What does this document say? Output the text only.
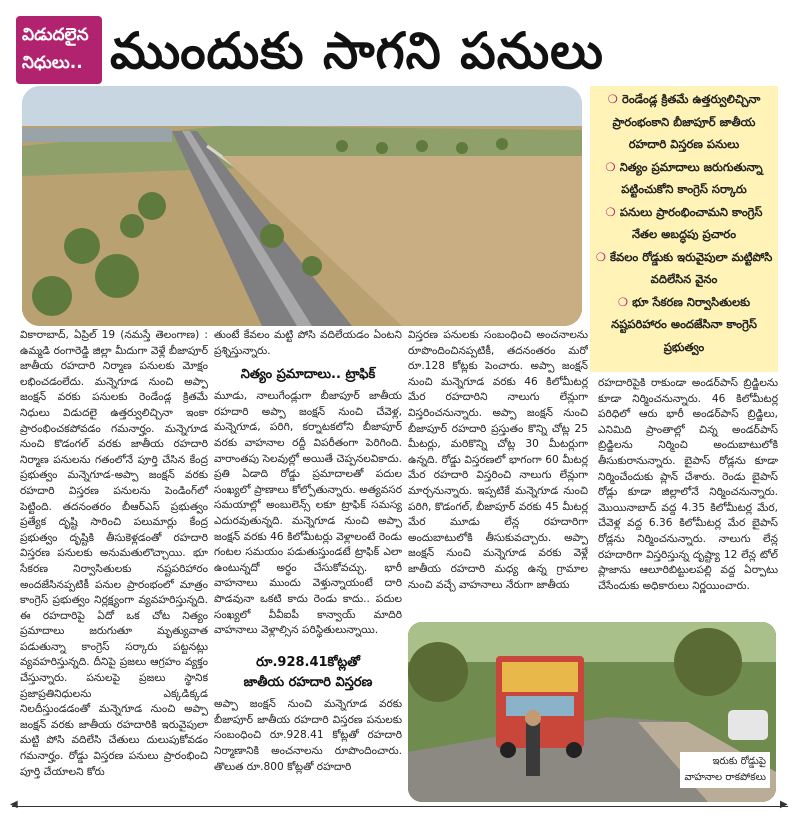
విడుదలైన
నిధులు.. ముందుకు సాగని పనులు
❍ రెండేండ్ల క్రితమే ఉత్తర్వులిచ్చినా ప్రారంభంకాని బీజాపూర్ జాతీయ రహదారి విస్తరణ పనులు
❍ నిత్యం ప్రమాదాలు జరుగుతున్నా పట్టించుకోని కాంగ్రెస్ సర్కారు
❍ పనులు ప్రారంభించామని కాంగ్రెస్ నేతల అబద్ధపు ప్రచారం
❍ కేవలం రోడ్డుకు ఇరువైపులా మట్టిపోసి వదిలేసిన వైనం
❍ భూ సేకరణ నిర్వాసితులకు నష్టపరిహారం అందజేసినా కాంగ్రెస్ ప్రభుత్వం
వికారాబాద్, ఏప్రిల్ 19 (నమస్తే తెలంగాణ) : ఉమ్మడి రంగారెడ్డి జిల్లా మీదుగా వెళ్లే బీజాపూర్ జాతీయ రహదారి నిర్మాణ పనులకు మోక్షం లభించడంలేదు. మన్నెగూడ నుంచి అప్పా జంక్షన్ వరకు పనులకు రెండేండ్ల క్రితమే నిధులు విడుదలై ఉత్తర్వులిచ్చినా ఇంకా ప్రారంభించకపోవడం గమనార్హం. మన్నెగూడ నుంచి కొడంగల్ వరకు జాతీయ రహదారి నిర్మాణ పనులను గతంలోనే పూర్తి చేసిన కేంద్ర ప్రభుత్వం మన్నెగూడ-అప్పా జంక్షన్ వరకు రహదారి విస్తరణ పనులను పెండింగ్‌లో పెట్టింది. తదనంతరం బీఆర్‌ఎస్ ప్రభుత్వం ప్రత్యేక దృష్టి సారించి పలుమార్లు కేంద్ర ప్రభుత్వం దృష్టికి తీసుకెళ్లడంతో రహదారి విస్తరణ పనులకు అనుమతులొచ్చాయి. భూ సేకరణ నిర్వాసితులకు నష్టపరిహారం అందజేసినప్పటికీ పనుల ప్రారంభంలో మాత్రం కాంగ్రెస్ ప్రభుత్వం నిర్లక్ష్యంగా వ్యవహరిస్తున్నది. ఈ రహదారిపై ఏదో ఒక చోట నిత్యం ప్రమాదాలు జరుగుతూ మృత్యువాత పడుతున్నా కాంగ్రెస్ సర్కారు పట్టనట్లు వ్యవహరిస్తున్నది. దీనిపై ప్రజలు ఆగ్రహం వ్యక్తం చేస్తున్నారు. పనులపై ప్రజలు స్థానిక ప్రజాప్రతినిధులను ఎక్కడిక్కడ నిలదీస్తుండడంతో మన్నెగూడ నుంచి అప్పా జంక్షన్ వరకు జాతీయ రహదారికి ఇరువైపులా మట్టి పోసి వదిలేసి చేతులు దులుపుకోవడం గమనార్హం. రోడ్డు విస్తరణ పనులు ప్రారంభించి పూర్తి చేయాలని కోరు
తుంటే కేవలం మట్టి పోసి వదిలేయడం ఏంటని ప్రశ్నిస్తున్నారు.
నిత్యం ప్రమాదాలు.. ట్రాఫిక్
మూడు, నాలుగేండ్లుగా బీజాపూర్ జాతీయ రహదారి అప్పా జంక్షన్ నుంచి చేవెళ్ల, మన్నెగూడ, పరిగి, కర్నాటకలోని బీజాపూర్ వరకు వాహనాల రద్దీ విపరీతంగా పెరిగింది. వారాంతపు సెలవుల్లో అయితే చెప్పనలవికాదు. ప్రతి ఏడాది రోడ్డు ప్రమాదాలతో పదుల సంఖ్యలో ప్రాణాలు కోల్పోతున్నారు. అత్యవసర సమయాల్లో అంబులెన్స్ లకూ ట్రాఫిక్ సమస్య ఎదురవుతున్నది. మన్నెగూడ నుంచి అప్పా జంక్షన్ వరకు 46 కిలోమీటర్లు వెళ్లాలంటే రెండు గంటల సమయం పడుతుస్తుండటే ట్రాఫిక్ ఎలా ఉంటున్నదో అర్థం చేసుకోవచ్చు. భారీ వాహనాలు ముందు వెళ్తున్నాయంటే దారి పొడవునా ఒకటి కాదు రెండు కాదు.. పదుల సంఖ్యలో వీవీఐపీ కాన్వాయ్ మాదిరి వాహనాలు వెళ్లాల్సిన పరిస్థితులున్నాయి.
రూ.928.41కోట్లతో
జాతీయ రహదారి విస్తరణ
అప్పా జంక్షన్ నుంచి మన్నెగూడ వరకు బీజాపూర్ జాతీయ రహదారి విస్తరణ పనులకు సంబంధించి రూ.928.41 కోట్లతో రహదారి నిర్మాణానికి అంచనాలను రూపొందించారు. తొలుత రూ.800 కోట్లతో రహదారి
విస్తరణ పనులకు సంబంధించి అంచనాలను రూపొందించినప్పటికీ, తదనంతరం మరో రూ.128 కోట్లకు పెంచారు. అప్పా జంక్షన్ నుంచి మన్నెగూడ వరకు 46 కిలోమీటర్ల మేర రహదారిని నాలుగు లేన్లుగా విస్తరించనున్నారు. అప్పా జంక్షన్ నుంచి బీజాపూర్ రహదారి ప్రస్తుతం కొన్ని చోట్ల 25 మీటర్లు, మరికొన్ని చోట్ల 30 మీటర్లుగా ఉన్నది. రోడ్డు విస్తరణలో భాగంగా 60 మీటర్ల మేర రహదారి విస్తరించి నాలుగు లేన్లుగా మార్చనున్నారు. ఇప్పటికే మన్నెగూడ నుంచి పరిగి, కొడంగల్, బీజాపూర్ వరకు 45 మీటర్ల మేర మూడు లేన్ల రహదారిగా అందుబాటులోకి తీసుకువచ్చారు. అప్పా జంక్షన్ నుంచి మన్నెగూడ వరకు వెళ్లే జాతీయ రహదారి మధ్య ఉన్న గ్రామాల నుంచి వచ్చే వాహనాలు నేరుగా జాతీయ
రహదారిపైకి రాకుండా అండర్‌పాస్ బ్రిడ్జిలను కూడా నిర్మించనున్నారు. 46 కిలోమీటర్ల పరిధిలో ఆరు భారీ అండర్‌పాస్ బ్రిడ్జిలు, ఎనిమిది ప్రాంతాల్లో చిన్న అండర్‌పాస్ బ్రిడ్జిలను నిర్మించి అందుబాటులోకి తీసుకురానున్నారు. బైపాస్ రోడ్లను కూడా నిర్మించేందుకు ప్లాన్ చేశారు. రెండు బైపాస్ రోడ్లు కూడా జిల్లాలోనే నిర్మించనున్నారు. మొయినాబాద్ వద్ద 4.35 కిలోమీటర్ల మేర, చేవెళ్ల వద్ద 6.36 కిలోమీటర్ల మేర బైపాస్ రోడ్లను నిర్మించనున్నారు. నాలుగు లేన్ల రహదారిగా విస్తరిస్తున్న దృష్ట్యా 12 లేన్ల టోల్ ప్లాజాను ఆలూరిబిట్టులపల్లి వద్ద ఏర్పాటు చేసేందుకు అధికారులు నిర్ణయించారు.
ఇరుకు రోడ్డుపై వాహనాల రాకపోకలు
◀	▶
